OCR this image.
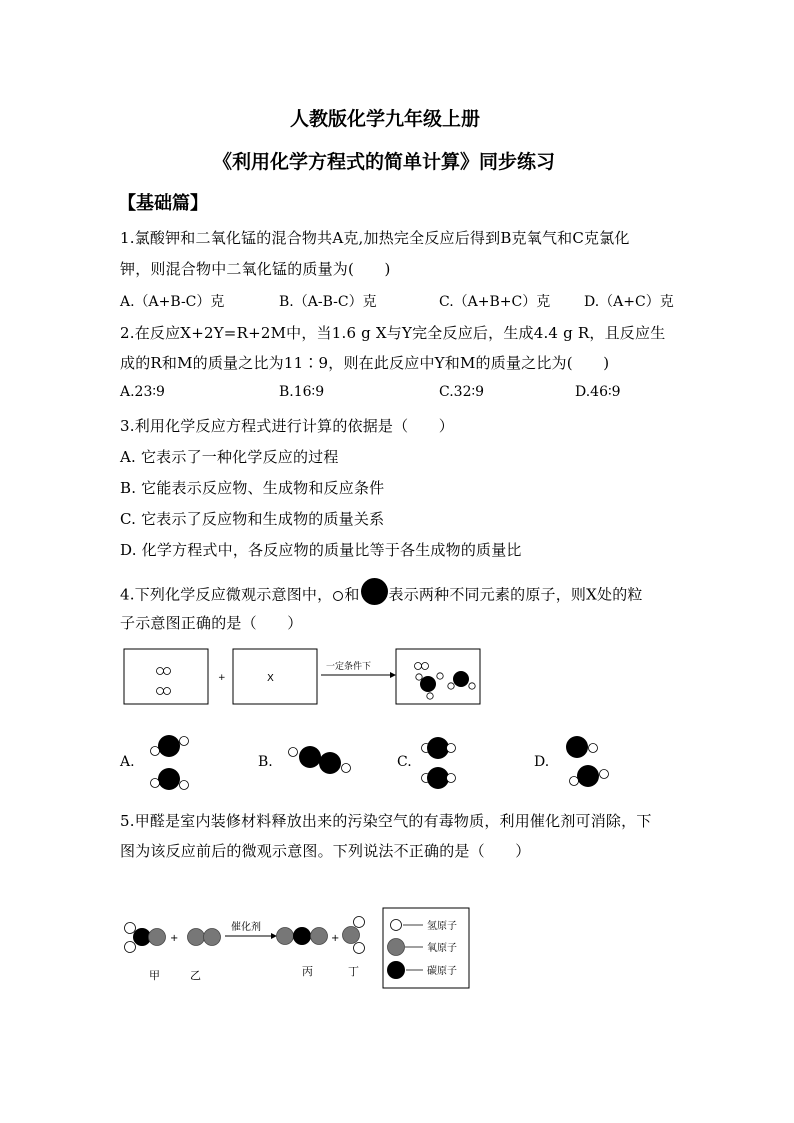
人教版化学九年级上册
《利用化学方程式的简单计算》同步练习
【基础篇】
1.氯酸钾和二氧化锰的混合物共A克,加热完全反应后得到B克氧气和C克氯化
钾，则混合物中二氧化锰的质量为(　　)
A.（A+B-C）克	B.（A-B-C）克	C.（A+B+C）克 D.（A+C）克
2.在反应X+2Y=R+2M中，当1.6 g X与Y完全反应后，生成4.4 g R，且反应生
成的R和M的质量之比为11∶9，则在此反应中Y和M的质量之比为(　　)
A.23∶9	B.16∶9	C.32∶9	D.46∶9
3.利用化学反应方程式进行计算的依据是（　　）
A. 它表示了一种化学反应的过程
B. 它能表示反应物、生成物和反应条件
C. 它表示了反应物和生成物的质量关系
D. 化学方程式中，各反应物的质量比等于各生成物的质量比
4.下列化学反应微观示意图中， 和 表示两种不同元素的原子，则X处的粒
子示意图正确的是（　　）
+	X
一定条件下
A.	B.	C.	D.
5.甲醛是室内装修材料释放出来的污染空气的有毒物质，利用催化剂可消除，下
图为该反应前后的微观示意图。下列说法不正确的是（　　）
+
催化剂
+
甲	乙	丙	丁
氢原子
氧原子
碳原子
